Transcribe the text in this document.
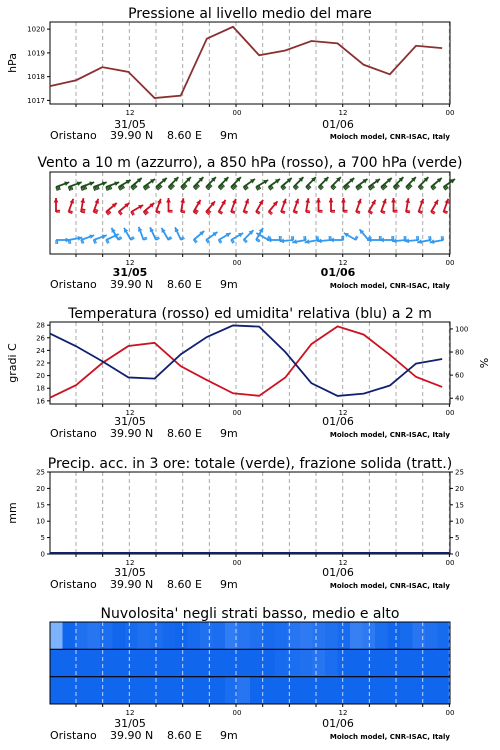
Pressione al livello medio del mare
hPa
Vento a 10 m (azzurro), a 850 hPa (rosso), a 700 hPa (verde)
Temperatura (rosso) ed umidita' relativa (blu) a 2 m
gradi C	%
Precip. acc. in 3 ore: totale (verde), frazione solida (tratt.)
mm
Nuvolosita' negli strati basso, medio e alto
12	00	12	00
1017
1018
1019
1020
31/05	01/06
Oristano 39.90 N 8.60 E 9m	Moloch model, CNR-ISAC, Italy
12	00	12	00
31/05	01/06
Oristano 39.90 N 8.60 E 9m	Moloch model, CNR-ISAC, Italy
12	00	12	00
16
18
20
22
24
26
28
40
60
80
100
31/05	01/06
Oristano 39.90 N 8.60 E 9m	Moloch model, CNR-ISAC, Italy
12	00	12	00
0	0
5	5
10	10
15	15
20	20
25	25
31/05	01/06
Oristano 39.90 N 8.60 E 9m	Moloch model, CNR-ISAC, Italy
12	00	12	00
31/05	01/06
Oristano 39.90 N 8.60 E 9m	Moloch model, CNR-ISAC, Italy
